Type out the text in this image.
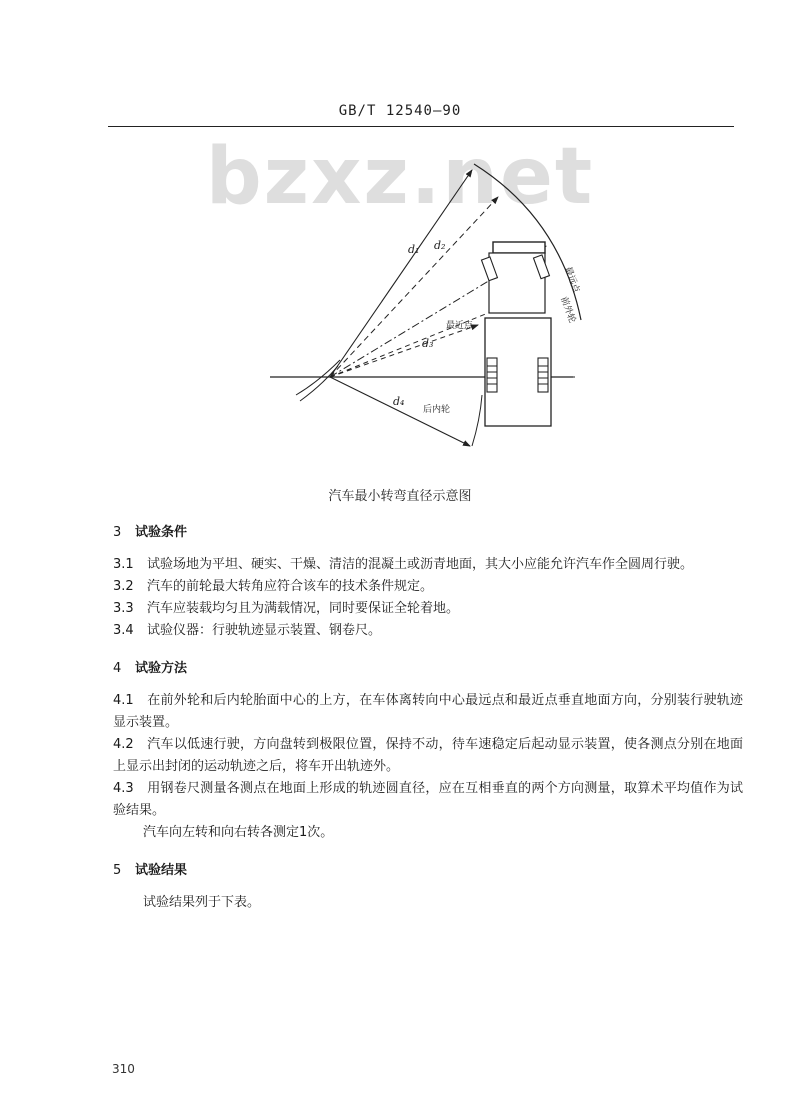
GB/T 12540—90
bzxz.net
d₁ d₂
d₃
d₄
最远点
前外轮
最近点
后内轮
汽车最小转弯直径示意图
3 试验条件
3.1 试验场地为平坦、硬实、干燥、清洁的混凝土或沥青地面，其大小应能允许汽车作全圆周行驶。
3.2 汽车的前轮最大转角应符合该车的技术条件规定。
3.3 汽车应装载均匀且为满载情况，同时要保证全轮着地。
3.4 试验仪器：行驶轨迹显示装置、钢卷尺。
4 试验方法
4.1 在前外轮和后内轮胎面中心的上方，在车体离转向中心最远点和最近点垂直地面方向，分别装行驶轨迹显示装置。
4.2 汽车以低速行驶，方向盘转到极限位置，保持不动，待车速稳定后起动显示装置，使各测点分别在地面上显示出封闭的运动轨迹之后，将车开出轨迹外。
4.3 用钢卷尺测量各测点在地面上形成的轨迹圆直径，应在互相垂直的两个方向测量，取算术平均值作为试验结果。
汽车向左转和向右转各测定1次。
5 试验结果
试验结果列于下表。
310
